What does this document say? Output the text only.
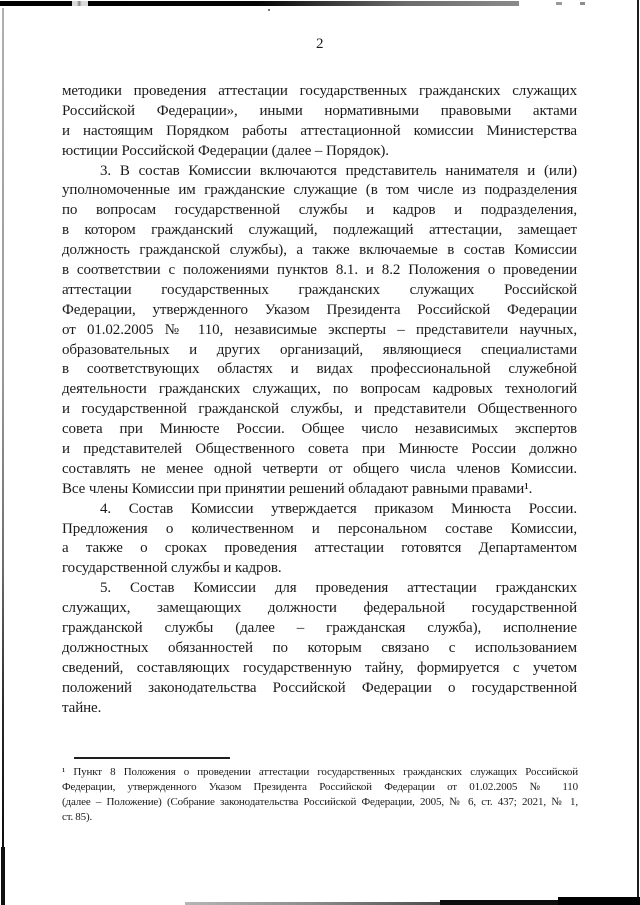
2
методики проведения аттестации государственных гражданских служащих
Российской Федерации», иными нормативными правовыми актами
и настоящим Порядком работы аттестационной комиссии Министерства
юстиции Российской Федерации (далее – Порядок).
3. В состав Комиссии включаются представитель нанимателя и (или)
уполномоченные им гражданские служащие (в том числе из подразделения
по вопросам государственной службы и кадров и подразделения,
в котором гражданский служащий, подлежащий аттестации, замещает
должность гражданской службы), а также включаемые в состав Комиссии
в соответствии с положениями пунктов 8.1. и 8.2 Положения о проведении
аттестации государственных гражданских служащих Российской
Федерации, утвержденного Указом Президента Российской Федерации
от 01.02.2005 № 110, независимые эксперты – представители научных,
образовательных и других организаций, являющиеся специалистами
в соответствующих областях и видах профессиональной служебной
деятельности гражданских служащих, по вопросам кадровых технологий
и государственной гражданской службы, и представители Общественного
совета при Минюсте России. Общее число независимых экспертов
и представителей Общественного совета при Минюсте России должно
составлять не менее одной четверти от общего числа членов Комиссии.
Все члены Комиссии при принятии решений обладают равными правами¹.
4. Состав Комиссии утверждается приказом Минюста России.
Предложения о количественном и персональном составе Комиссии,
а также о сроках проведения аттестации готовятся Департаментом
государственной службы и кадров.
5. Состав Комиссии для проведения аттестации гражданских
служащих, замещающих должности федеральной государственной
гражданской службы (далее – гражданская служба), исполнение
должностных обязанностей по которым связано с использованием
сведений, составляющих государственную тайну, формируется с учетом
положений законодательства Российской Федерации о государственной
тайне.
¹ Пункт 8 Положения о проведении аттестации государственных гражданских служащих Российской
Федерации, утвержденного Указом Президента Российской Федерации от 01.02.2005 № 110
(далее – Положение) (Собрание законодательства Российской Федерации, 2005, № 6, ст. 437; 2021, № 1,
ст. 85).
